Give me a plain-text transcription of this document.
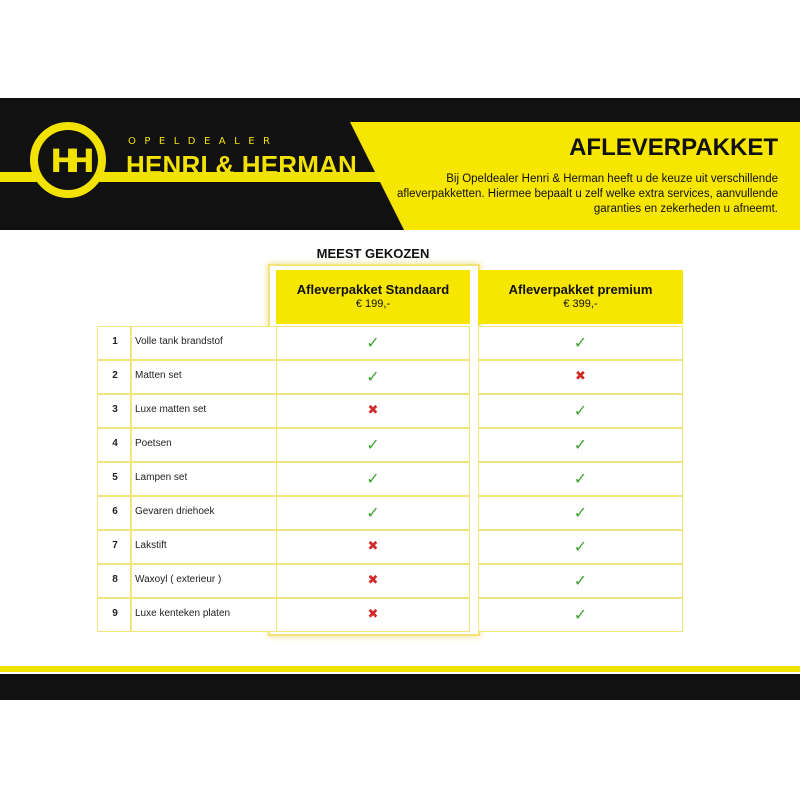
HH
OPELDEALER
HENRI & HERMAN
AFLEVERPAKKET
Bij Opeldealer Henri & Herman heeft u de keuze uit verschillende afleverpakketten. Hiermee bepaalt u zelf welke extra services, aanvullende garanties en zekerheden u afneemt.
MEEST GEKOZEN
Afleverpakket Standaard
€ 199,-
Afleverpakket premium
€ 399,-
1	Volle tank brandstof	✓	✓
2	Matten set	✓	✖
3	Luxe matten set	✖	✓
4	Poetsen	✓	✓
5	Lampen set	✓	✓
6	Gevaren driehoek	✓	✓
7	Lakstift	✖	✓
8	Waxoyl ( exterieur )	✖	✓
9	Luxe kenteken platen	✖	✓
